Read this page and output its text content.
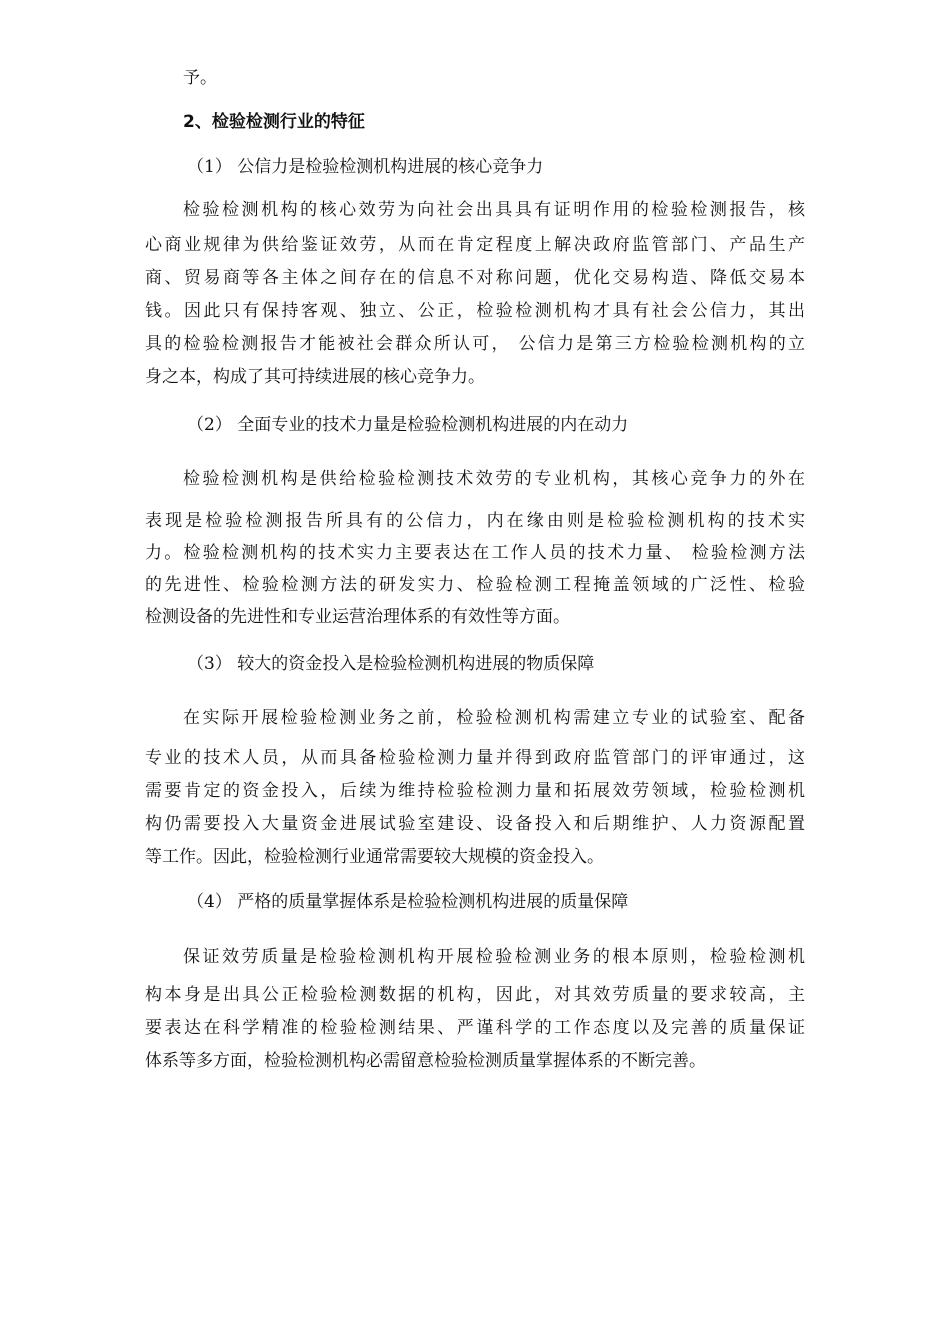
予。
2、检验检测行业的特征
（1） 公信力是检验检测机构进展的核心竞争力
检验检测机构的核心效劳为向社会出具具有证明作用的检验检测报告，核
心商业规律为供给鉴证效劳，从而在肯定程度上解决政府监管部门、产品生产
商、贸易商等各主体之间存在的信息不对称问题，优化交易构造、降低交易本
钱。因此只有保持客观、独立、公正，检验检测机构才具有社会公信力，其出
具的检验检测报告才能被社会群众所认可， 公信力是第三方检验检测机构的立
身之本，构成了其可持续进展的核心竞争力。
（2） 全面专业的技术力量是检验检测机构进展的内在动力
检验检测机构是供给检验检测技术效劳的专业机构，其核心竞争力的外在
表现是检验检测报告所具有的公信力，内在缘由则是检验检测机构的技术实
力。检验检测机构的技术实力主要表达在工作人员的技术力量、 检验检测方法
的先进性、检验检测方法的研发实力、检验检测工程掩盖领域的广泛性、检验
检测设备的先进性和专业运营治理体系的有效性等方面。
（3） 较大的资金投入是检验检测机构进展的物质保障
在实际开展检验检测业务之前，检验检测机构需建立专业的试验室、配备
专业的技术人员，从而具备检验检测力量并得到政府监管部门的评审通过，这
需要肯定的资金投入，后续为维持检验检测力量和拓展效劳领域，检验检测机
构仍需要投入大量资金进展试验室建设、设备投入和后期维护、人力资源配置
等工作。因此，检验检测行业通常需要较大规模的资金投入。
（4） 严格的质量掌握体系是检验检测机构进展的质量保障
保证效劳质量是检验检测机构开展检验检测业务的根本原则，检验检测机
构本身是出具公正检验检测数据的机构，因此，对其效劳质量的要求较高，主
要表达在科学精准的检验检测结果、严谨科学的工作态度以及完善的质量保证
体系等多方面，检验检测机构必需留意检验检测质量掌握体系的不断完善。
